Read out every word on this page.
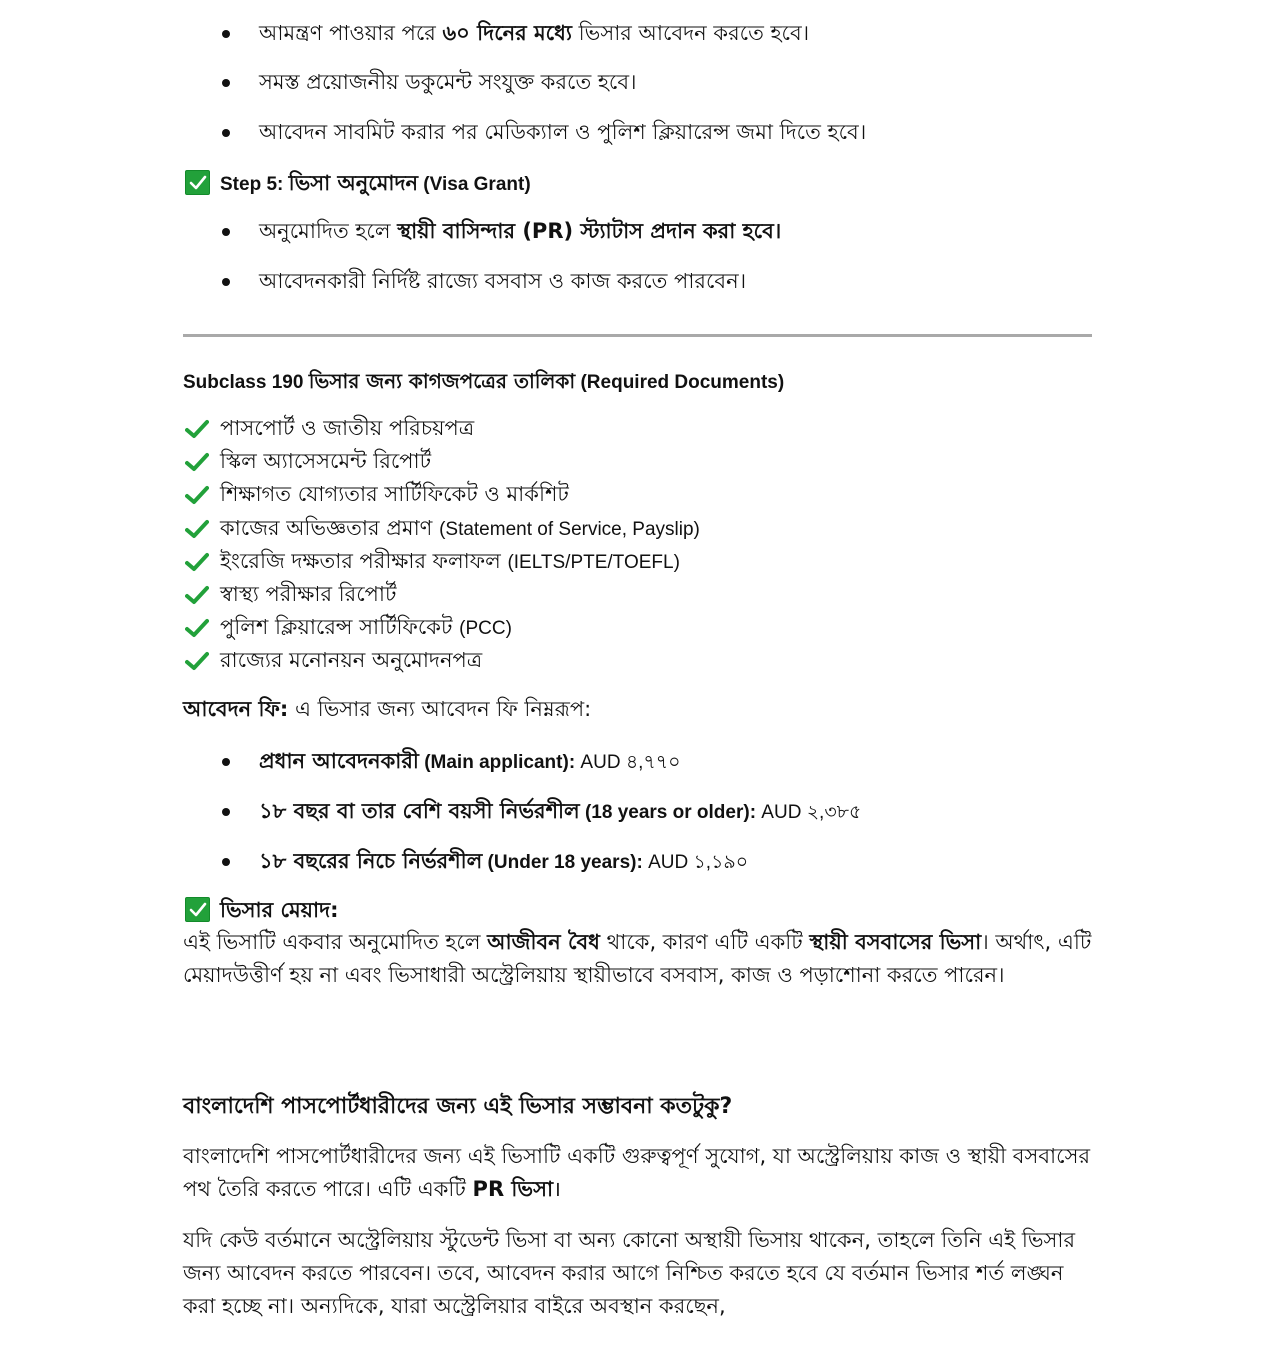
আমন্ত্রণ পাওয়ার পরে ৬০ দিনের মধ্যে ভিসার আবেদন করতে হবে।
সমস্ত প্রয়োজনীয় ডকুমেন্ট সংযুক্ত করতে হবে।
আবেদন সাবমিট করার পর মেডিক্যাল ও পুলিশ ক্লিয়ারেন্স জমা দিতে হবে।
Step 5: ভিসা অনুমোদন (Visa Grant)
অনুমোদিত হলে স্থায়ী বাসিন্দার (PR) স্ট্যাটাস প্রদান করা হবে।
আবেদনকারী নির্দিষ্ট রাজ্যে বসবাস ও কাজ করতে পারবেন।
Subclass 190 ভিসার জন্য কাগজপত্রের তালিকা (Required Documents)
পাসপোর্ট ও জাতীয় পরিচয়পত্র
স্কিল অ্যাসেসমেন্ট রিপোর্ট
শিক্ষাগত যোগ্যতার সার্টিফিকেট ও মার্কশিট
কাজের অভিজ্ঞতার প্রমাণ (Statement of Service, Payslip)
ইংরেজি দক্ষতার পরীক্ষার ফলাফল (IELTS/PTE/TOEFL)
স্বাস্থ্য পরীক্ষার রিপোর্ট
পুলিশ ক্লিয়ারেন্স সার্টিফিকেট (PCC)
রাজ্যের মনোনয়ন অনুমোদনপত্র
আবেদন ফি: এ ভিসার জন্য আবেদন ফি নিম্নরূপ:
প্রধান আবেদনকারী (Main applicant): AUD ৪,৭৭০
১৮ বছর বা তার বেশি বয়সী নির্ভরশীল (18 years or older): AUD ২,৩৮৫
১৮ বছরের নিচে নির্ভরশীল (Under 18 years): AUD ১,১৯০
ভিসার মেয়াদ:
এই ভিসাটি একবার অনুমোদিত হলে আজীবন বৈধ থাকে, কারণ এটি একটি স্থায়ী বসবাসের ভিসা। অর্থাৎ, এটি মেয়াদউত্তীর্ণ হয় না এবং ভিসাধারী অস্ট্রেলিয়ায় স্থায়ীভাবে বসবাস, কাজ ও পড়াশোনা করতে পারেন।
বাংলাদেশি পাসপোর্টধারীদের জন্য এই ভিসার সম্ভাবনা কতটুকু?
বাংলাদেশি পাসপোর্টধারীদের জন্য এই ভিসাটি একটি গুরুত্বপূর্ণ সুযোগ, যা অস্ট্রেলিয়ায় কাজ ও স্থায়ী বসবাসের পথ তৈরি করতে পারে। এটি একটি PR ভিসা।
যদি কেউ বর্তমানে অস্ট্রেলিয়ায় স্টুডেন্ট ভিসা বা অন্য কোনো অস্থায়ী ভিসায় থাকেন, তাহলে তিনি এই ভিসার জন্য আবেদন করতে পারবেন। তবে, আবেদন করার আগে নিশ্চিত করতে হবে যে বর্তমান ভিসার শর্ত লঙ্ঘন করা হচ্ছে না। অন্যদিকে, যারা অস্ট্রেলিয়ার বাইরে অবস্থান করছেন,
